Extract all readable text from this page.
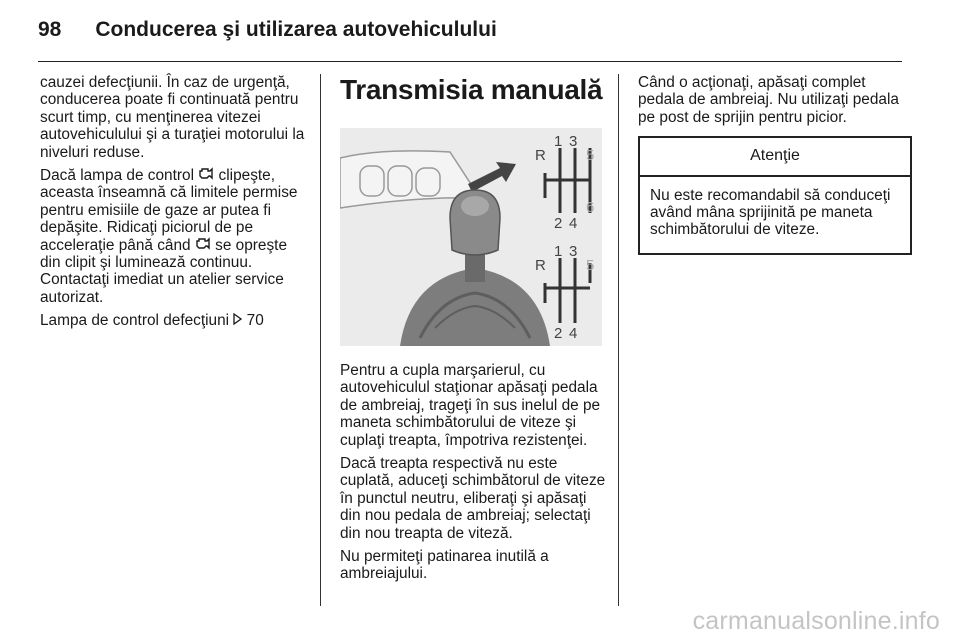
98 Conducerea şi utilizarea autovehiculului

cauzei defecţiunii. În caz de urgenţă, conducerea poate fi continuată pentru scurt timp, cu menţinerea vitezei autovehiculului şi a turaţiei motorului la niveluri reduse.

Dacă lampa de control  clipeşte, aceasta înseamnă că limitele permise pentru emisiile de gaze ar putea fi depăşite. Ridicaţi piciorul de pe acceleraţie până când  se opreşte din clipit şi luminează continuu. Contactaţi imediat un atelier service autorizat.

Lampa de control defecţiuni  70

Transmisia manuală
R
1 3
5
2 4
6
R
1 3
5
2 4

Pentru a cupla marşarierul, cu autovehiculul staţionar apăsaţi pedala de ambreiaj, trageţi în sus inelul de pe maneta schimbătorului de viteze şi cuplaţi treapta, împotriva rezistenţei.

Dacă treapta respectivă nu este cuplată, aduceţi schimbătorul de viteze în punctul neutru, eliberaţi şi apăsaţi din nou pedala de ambreiaj; selectaţi din nou treapta de viteză.

Nu permiteţi patinarea inutilă a ambreiajului.

Când o acţionaţi, apăsaţi complet pedala de ambreiaj. Nu utilizaţi pedala pe post de sprijin pentru picior.

Atenţie
Nu este recomandabil să conduceţi având mâna sprijinită pe maneta schimbătorului de viteze.
carmanualsonline.info
